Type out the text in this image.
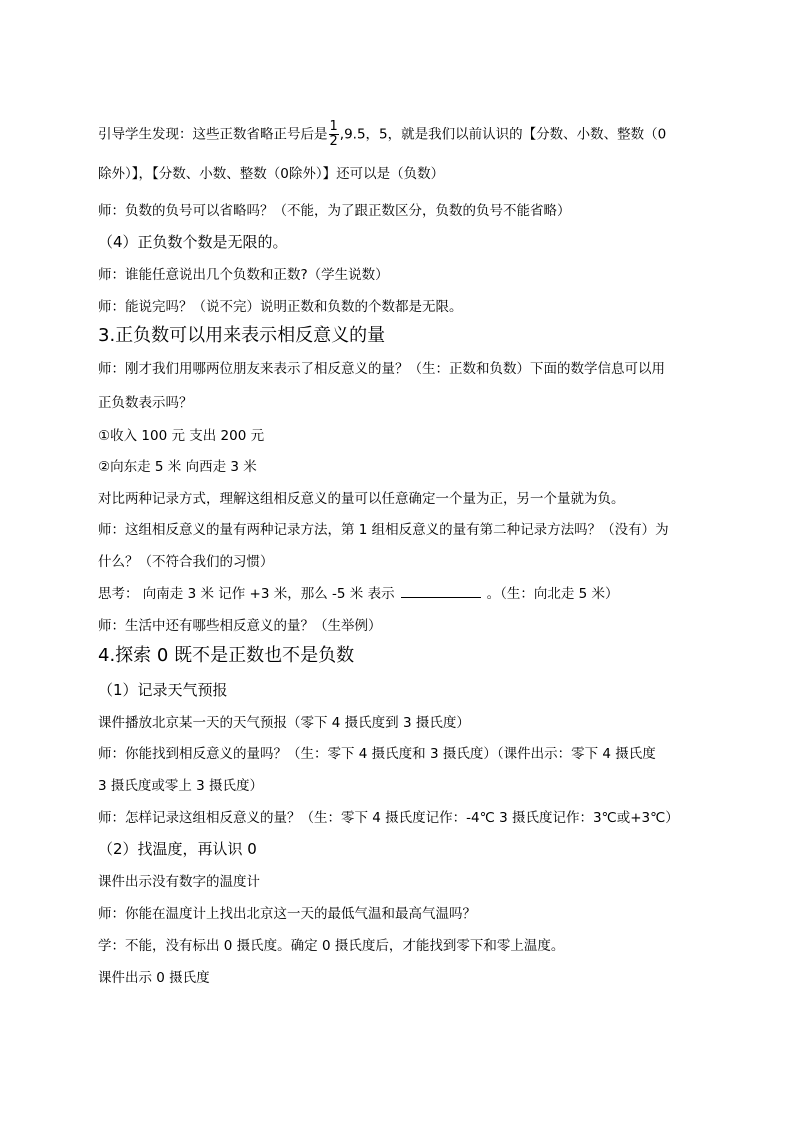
引导学生发现：这些正数省略正号后是 $\frac{1}{2} ,9.5$，5，就是我们以前认识的【分数、小数、整数（0
除外）】，【分数、小数、整数（0除外）】还可以是（负数）
师：负数的负号可以省略吗？（不能，为了跟正数区分，负数的负号不能省略）
（4）正负数个数是无限的。
师：谁能任意说出几个负数和正数?（学生说数）
师：能说完吗？（说不完）说明正数和负数的个数都是无限。
3.正负数可以用来表示相反意义的量
师：刚才我们用哪两位朋友来表示了相反意义的量？（生：正数和负数）下面的数学信息可以用
正负数表示吗？
①收入 100 元 支出 200 元
②向东走 5 米 向西走 3 米
对比两种记录方式，理解这组相反意义的量可以任意确定一个量为正，另一个量就为负。
师：这组相反意义的量有两种记录方法，第 1 组相反意义的量有第二种记录方法吗？（没有）为
什么？（不符合我们的习惯）
思考： 向南走 3 米 记作 +3 米，那么 -5 米 表示	。（生：向北走 5 米）
师：生活中还有哪些相反意义的量？（生举例）
4.探索 0 既不是正数也不是负数
（1）记录天气预报
课件播放北京某一天的天气预报（零下 4 摄氏度到 3 摄氏度）
师：你能找到相反意义的量吗？（生：零下 4 摄氏度和 3 摄氏度）（课件出示：零下 4 摄氏度
3 摄氏度或零上 3 摄氏度）
师：怎样记录这组相反意义的量？（生：零下 4 摄氏度记作：-4℃ 3 摄氏度记作：3℃或+3℃）
（2）找温度，再认识 0
课件出示没有数字的温度计
师：你能在温度计上找出北京这一天的最低气温和最高气温吗？
学：不能，没有标出 0 摄氏度。确定 0 摄氏度后，才能找到零下和零上温度。
课件出示 0 摄氏度
